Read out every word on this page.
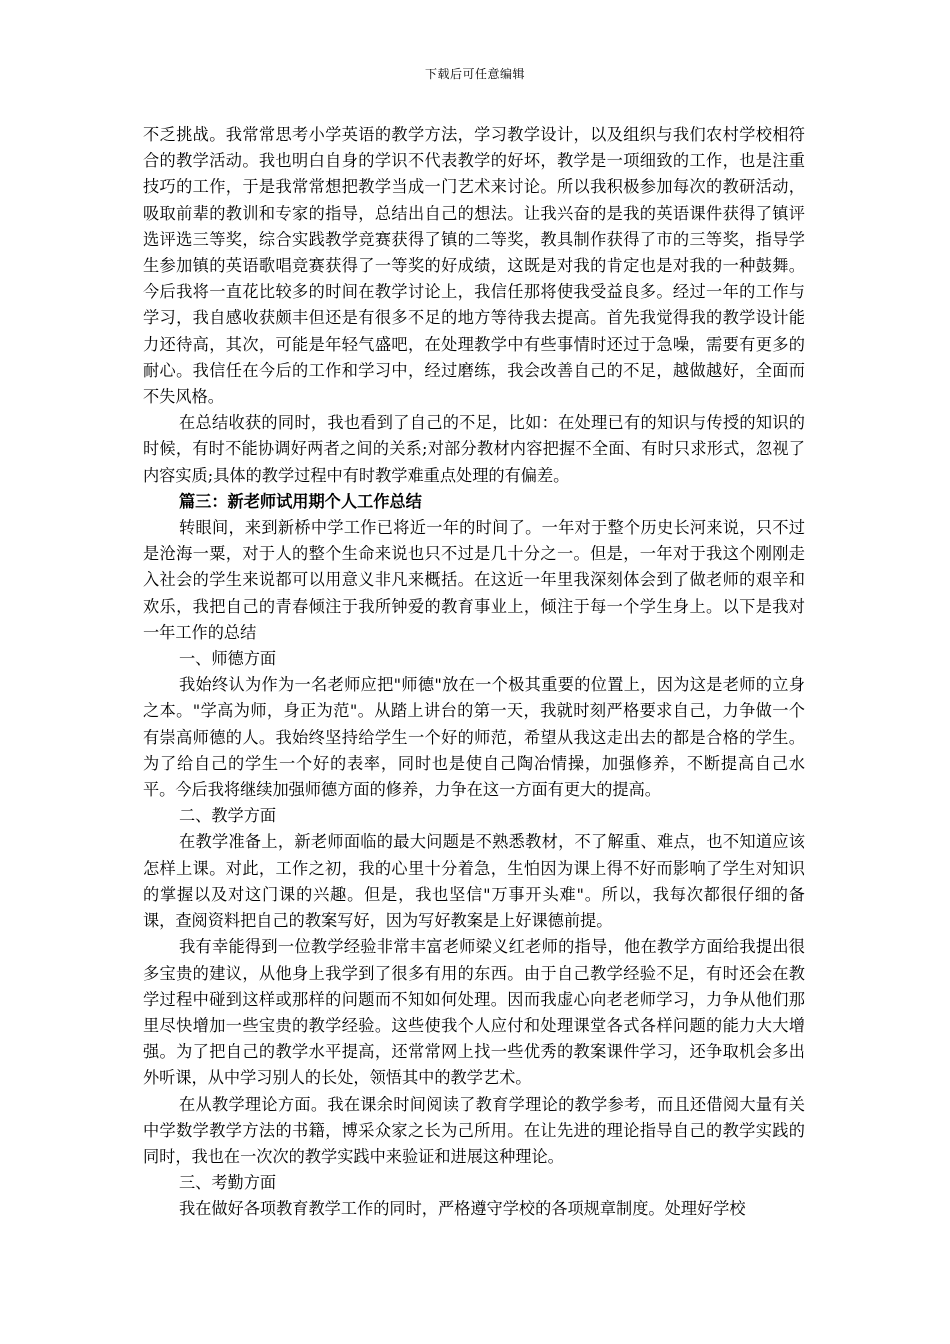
下载后可任意编辑

不乏挑战。我常常思考小学英语的教学方法，学习教学设计，以及组织与我们农村学校相符合的教学活动。我也明白自身的学识不代表教学的好坏，教学是一项细致的工作，也是注重技巧的工作，于是我常常想把教学当成一门艺术来讨论。所以我积极参加每次的教研活动，吸取前辈的教训和专家的指导，总结出自己的想法。让我兴奋的是我的英语课件获得了镇评选评选三等奖，综合实践教学竞赛获得了镇的二等奖，教具制作获得了市的三等奖，指导学生参加镇的英语歌唱竞赛获得了一等奖的好成绩，这既是对我的肯定也是对我的一种鼓舞。今后我将一直花比较多的时间在教学讨论上，我信任那将使我受益良多。经过一年的工作与学习，我自感收获颇丰但还是有很多不足的地方等待我去提高。首先我觉得我的教学设计能力还待高，其次，可能是年轻气盛吧，在处理教学中有些事情时还过于急噪，需要有更多的耐心。我信任在今后的工作和学习中，经过磨练，我会改善自己的不足，越做越好，全面而不失风格。

在总结收获的同时，我也看到了自己的不足，比如：在处理已有的知识与传授的知识的时候，有时不能协调好两者之间的关系;对部分教材内容把握不全面、有时只求形式，忽视了内容实质;具体的教学过程中有时教学难重点处理的有偏差。

篇三：新老师试用期个人工作总结

转眼间，来到新桥中学工作已将近一年的时间了。一年对于整个历史长河来说，只不过是沧海一粟，对于人的整个生命来说也只不过是几十分之一。但是，一年对于我这个刚刚走入社会的学生来说都可以用意义非凡来概括。在这近一年里我深刻体会到了做老师的艰辛和欢乐，我把自己的青春倾注于我所钟爱的教育事业上，倾注于每一个学生身上。以下是我对一年工作的总结

一、师德方面

我始终认为作为一名老师应把"师德"放在一个极其重要的位置上，因为这是老师的立身之本。"学高为师，身正为范"。从踏上讲台的第一天，我就时刻严格要求自己，力争做一个有崇高师德的人。我始终坚持给学生一个好的师范，希望从我这走出去的都是合格的学生。为了给自己的学生一个好的表率，同时也是使自己陶冶情操，加强修养，不断提高自己水平。今后我将继续加强师德方面的修养，力争在这一方面有更大的提高。

二、教学方面

在教学准备上，新老师面临的最大问题是不熟悉教材，不了解重、难点，也不知道应该怎样上课。对此，工作之初，我的心里十分着急，生怕因为课上得不好而影响了学生对知识的掌握以及对这门课的兴趣。但是，我也坚信"万事开头难"。所以，我每次都很仔细的备课，查阅资料把自己的教案写好，因为写好教案是上好课德前提。

我有幸能得到一位教学经验非常丰富老师梁义红老师的指导，他在教学方面给我提出很多宝贵的建议，从他身上我学到了很多有用的东西。由于自己教学经验不足，有时还会在教学过程中碰到这样或那样的问题而不知如何处理。因而我虚心向老老师学习，力争从他们那里尽快增加一些宝贵的教学经验。这些使我个人应付和处理课堂各式各样问题的能力大大增强。为了把自己的教学水平提高，还常常网上找一些优秀的教案课件学习，还争取机会多出外听课，从中学习别人的长处，领悟其中的教学艺术。

在从教学理论方面。我在课余时间阅读了教育学理论的教学参考，而且还借阅大量有关中学数学教学方法的书籍，博采众家之长为己所用。在让先进的理论指导自己的教学实践的同时，我也在一次次的教学实践中来验证和进展这种理论。

三、考勤方面

我在做好各项教育教学工作的同时，严格遵守学校的各项规章制度。处理好学校
